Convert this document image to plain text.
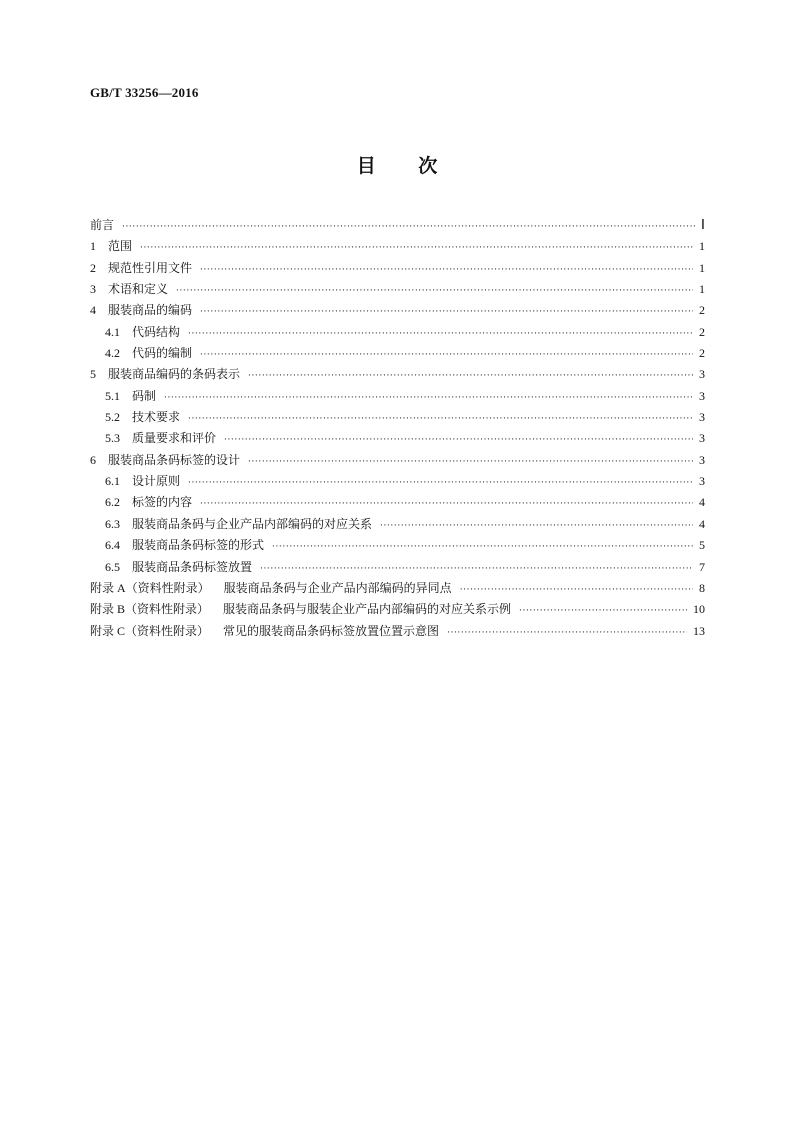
GB/T 33256—2016
目 次
前言 ·····	Ⅰ
1 范围 ·····	1
2 规范性引用文件 ·····	1
3 术语和定义 ·····	1
4 服装商品的编码 ·····	2
4.1 代码结构 ·····	2
4.2 代码的编制 ·····	2
5 服装商品编码的条码表示 ·····	3
5.1 码制 ·····	3
5.2 技术要求 ·····	3
5.3 质量要求和评价 ·····	3
6 服装商品条码标签的设计 ·····	3
6.1 设计原则 ·····	3
6.2 标签的内容 ·····	4
6.3 服装商品条码与企业产品内部编码的对应关系 ·····	4
6.4 服装商品条码标签的形式 ·····	5
6.5 服装商品条码标签放置 ·····	7
附录 A（资料性附录） 服装商品条码与企业产品内部编码的异同点 ·····	8
附录 B（资料性附录） 服装商品条码与服装企业产品内部编码的对应关系示例 ·····	10
附录 C（资料性附录） 常见的服装商品条码标签放置位置示意图 ·····	13
